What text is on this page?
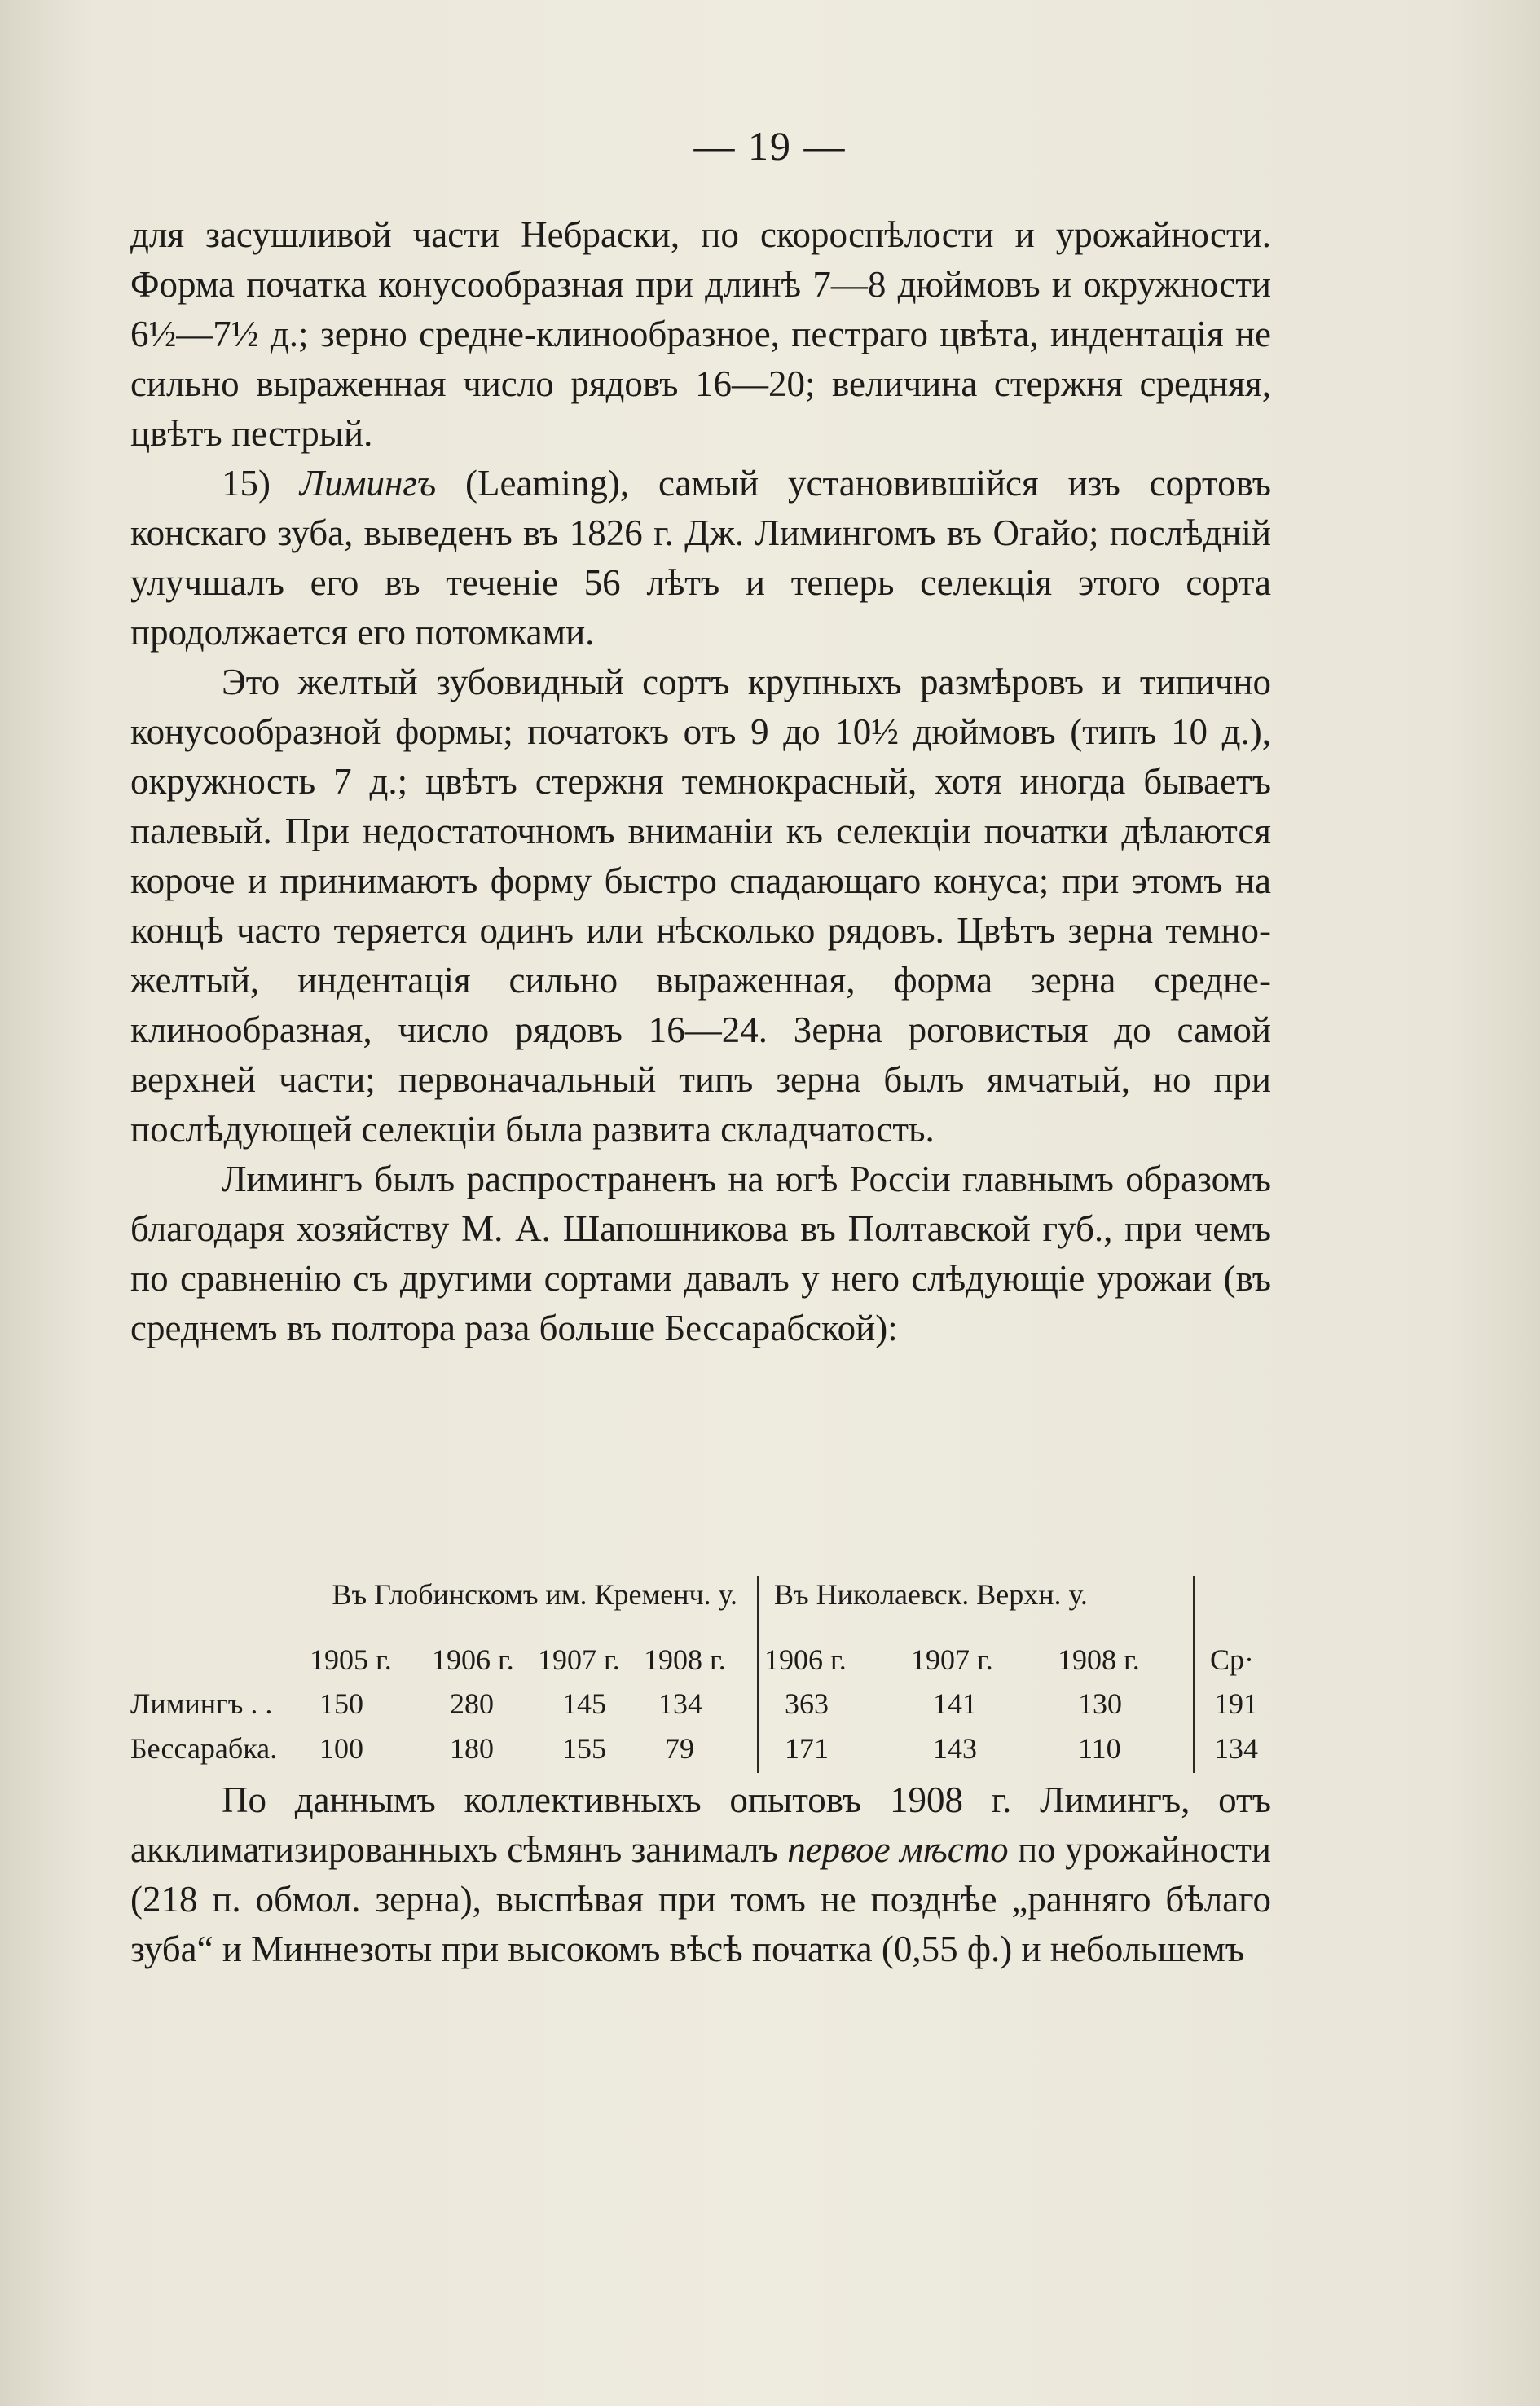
— 19 —

для засушливой части Небраски, по скороспѣлости и урожайности. Форма початка конусообразная при длинѣ 7—8 дюймовъ и окружности 6½—7½ д.; зерно средне-клинообразное, пестраго цвѣта, индентація не сильно выраженная число рядовъ 16—20; величина стержня средняя, цвѣтъ пестрый.

15) Лимингъ (Leaming), самый установившійся изъ сортовъ конскаго зуба, выведенъ въ 1826 г. Дж. Лимингомъ въ Огайо; послѣдній улучшалъ его въ теченіе 56 лѣтъ и теперь селекція этого сорта продолжается его потомками.

Это желтый зубовидный сортъ крупныхъ размѣровъ и типично конусообразной формы; початокъ отъ 9 до 10½ дюймовъ (типъ 10 д.), окружность 7 д.; цвѣтъ стержня темнокрасный, хотя иногда бываетъ палевый. При недостаточномъ вниманіи къ селекціи початки дѣлаются короче и принимаютъ форму быстро спадающаго конуса; при этомъ на концѣ часто теряется одинъ или нѣсколько рядовъ. Цвѣтъ зерна темно-желтый, индентація сильно выраженная, форма зерна средне-клинообразная, число рядовъ 16—24. Зерна роговистыя до самой верхней части; первоначальный типъ зерна былъ ямчатый, но при послѣдующей селекціи была развита складчатость.

Лимингъ былъ распространенъ на югѣ Россіи главнымъ образомъ благодаря хозяйству М. А. Шапошникова въ Полтавской губ., при чемъ по сравненію съ другими сортами давалъ у него слѣдующіе урожаи (въ среднемъ въ полтора раза больше Бессарабской):

Въ Глобинскомъ им. Кременч. у. Въ Николаевск. Верхн. у.
1905 г. 1906 г. 1907 г. 1908 г. 1906 г. 1907 г. 1908 г. Ср·
Лимингъ . . 150	280 145 134	363	141	130	191
Бессарабка. 100	180 155 79	171	143	110	134

По даннымъ коллективныхъ опытовъ 1908 г. Лимингъ, отъ акклиматизированныхъ сѣмянъ занималъ первое мѣсто по урожайности (218 п. обмол. зерна), выспѣвая при томъ не позднѣе „ранняго бѣлаго зуба“ и Миннезоты при высокомъ вѣсѣ початка (0,55 ф.) и небольшемъ
